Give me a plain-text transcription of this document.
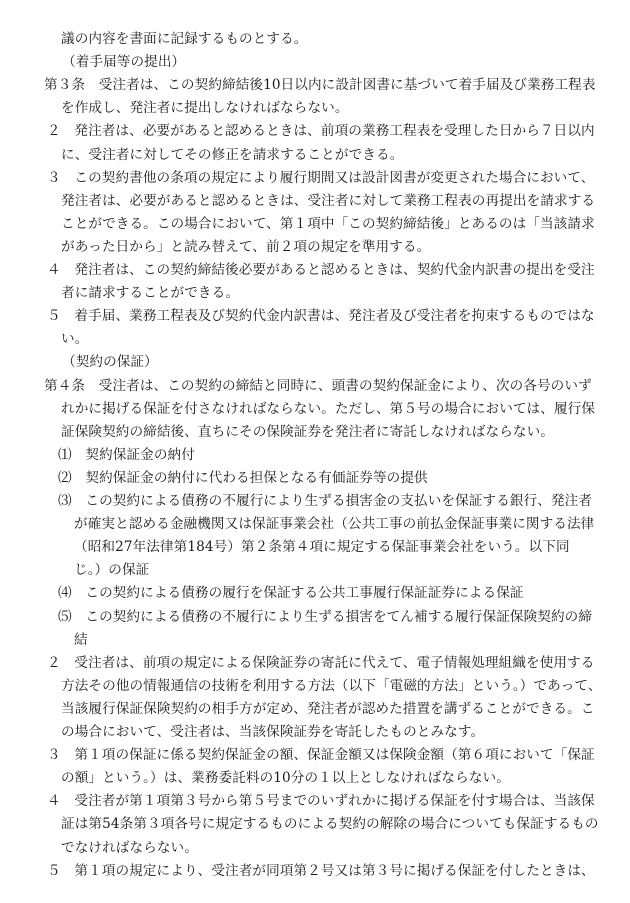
議の内容を書面に記録するものとする。
（着手届等の提出）
第３条　受注者は、この契約締結後10日以内に設計図書に基づいて着手届及び業務工程表
を作成し、発注者に提出しなければならない。
２　発注者は、必要があると認めるときは、前項の業務工程表を受理した日から７日以内
に、受注者に対してその修正を請求することができる。
３　この契約書他の条項の規定により履行期間又は設計図書が変更された場合において、
発注者は、必要があると認めるときは、受注者に対して業務工程表の再提出を請求する
ことができる。この場合において、第１項中「この契約締結後」とあるのは「当該請求
があった日から」と読み替えて、前２項の規定を準用する。
４　発注者は、この契約締結後必要があると認めるときは、契約代金内訳書の提出を受注
者に請求することができる。
５　着手届、業務工程表及び契約代金内訳書は、発注者及び受注者を拘束するものではな
い。
（契約の保証）
第４条　受注者は、この契約の締結と同時に、頭書の契約保証金により、次の各号のいず
れかに掲げる保証を付さなければならない。ただし、第５号の場合においては、履行保
証保険契約の締結後、直ちにその保険証券を発注者に寄託しなければならない。
⑴　契約保証金の納付
⑵　契約保証金の納付に代わる担保となる有価証券等の提供
⑶　この契約による債務の不履行により生ずる損害金の支払いを保証する銀行、発注者
が確実と認める金融機関又は保証事業会社（公共工事の前払金保証事業に関する法律
（昭和27年法律第184号）第２条第４項に規定する保証事業会社をいう。以下同
じ。）の保証
⑷　この契約による債務の履行を保証する公共工事履行保証証券による保証
⑸　この契約による債務の不履行により生ずる損害をてん補する履行保証保険契約の締
結
２　受注者は、前項の規定による保険証券の寄託に代えて、電子情報処理組織を使用する
方法その他の情報通信の技術を利用する方法（以下「電磁的方法」という。）であって、
当該履行保証保険契約の相手方が定め、発注者が認めた措置を講ずることができる。こ
の場合において、受注者は、当該保険証券を寄託したものとみなす。
３　第１項の保証に係る契約保証金の額、保証金額又は保険金額（第６項において「保証
の額」という。）は、業務委託料の10分の１以上としなければならない。
４　受注者が第１項第３号から第５号までのいずれかに掲げる保証を付す場合は、当該保
証は第54条第３項各号に規定するものによる契約の解除の場合についても保証するもの
でなければならない。
５　第１項の規定により、受注者が同項第２号又は第３号に掲げる保証を付したときは、
